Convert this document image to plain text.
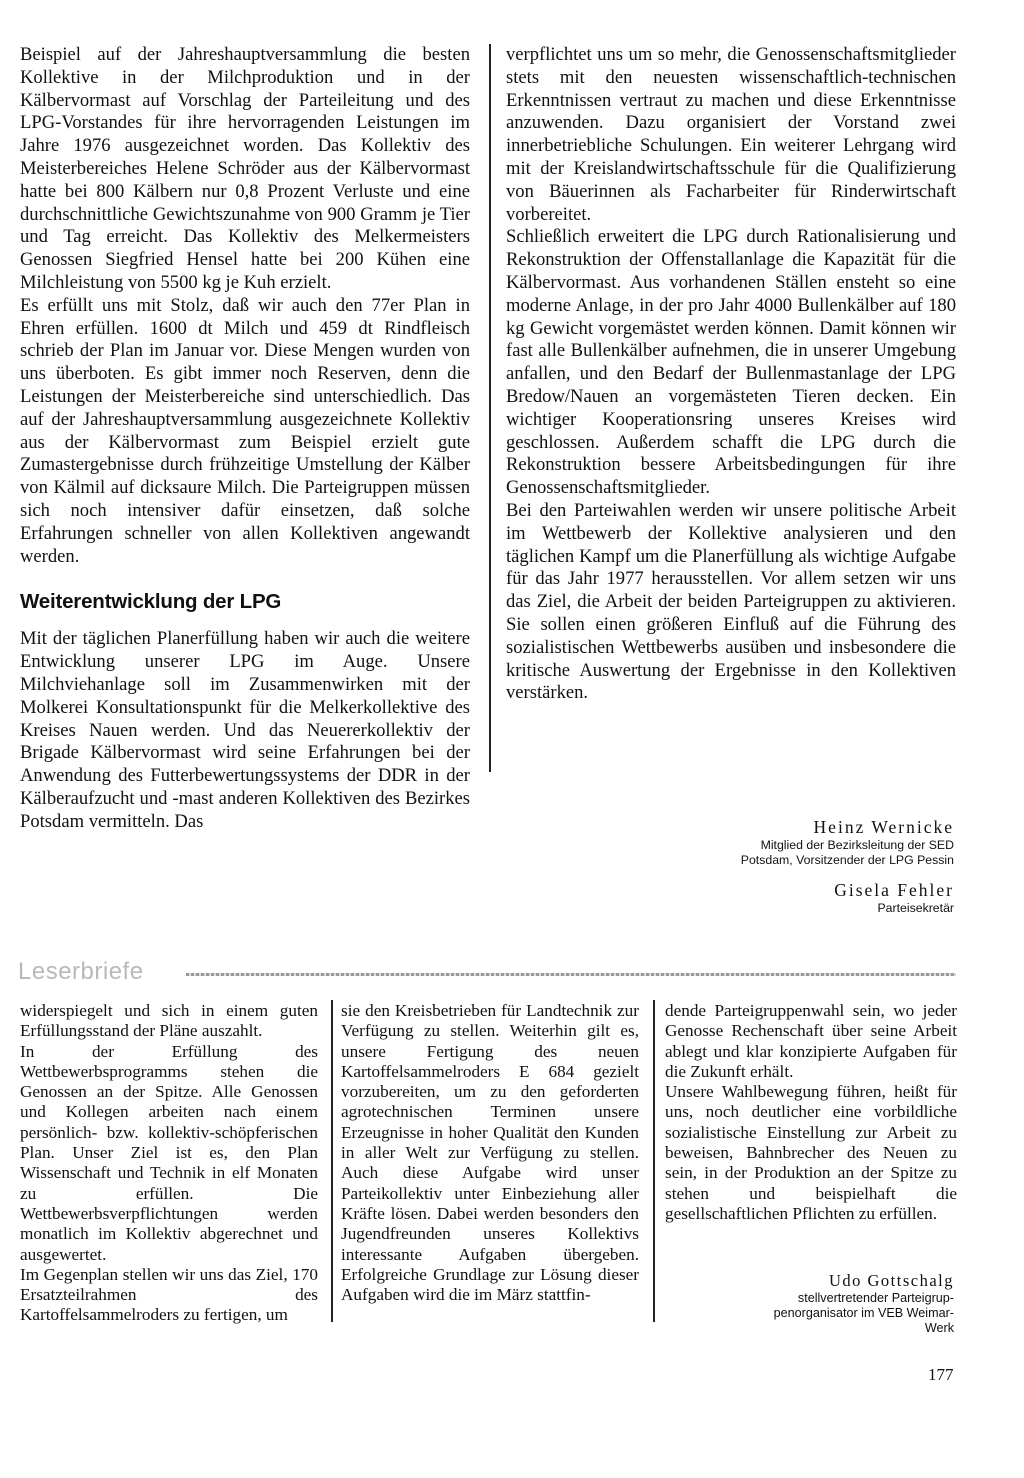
Beispiel auf der Jahreshauptversammlung die besten Kollektive in der Milchproduktion und in der Kälbervormast auf Vorschlag der Parteileitung und des LPG-Vorstandes für ihre hervorragenden Leistungen im Jahre 1976 ausgezeichnet worden. Das Kollektiv des Meisterbereiches Helene Schröder aus der Kälbervormast hatte bei 800 Kälbern nur 0,8 Prozent Verluste und eine durchschnittliche Gewichtszunahme von 900 Gramm je Tier und Tag erreicht. Das Kollektiv des Melkermeisters Genossen Siegfried Hensel hatte bei 200 Kühen eine Milchleistung von 5500 kg je Kuh erzielt.

Es erfüllt uns mit Stolz, daß wir auch den 77er Plan in Ehren erfüllen. 1600 dt Milch und 459 dt Rindfleisch schrieb der Plan im Januar vor. Diese Mengen wurden von uns überboten. Es gibt immer noch Reserven, denn die Leistungen der Meisterbereiche sind unterschiedlich. Das auf der Jahreshauptversammlung ausgezeichnete Kollektiv aus der Kälbervormast zum Beispiel erzielt gute Zumastergebnisse durch frühzeitige Umstellung der Kälber von Kälmil auf dicksaure Milch. Die Parteigruppen müssen sich noch intensiver dafür einsetzen, daß solche Erfahrungen schneller von allen Kollektiven angewandt werden.

Weiterentwicklung der LPG

Mit der täglichen Planerfüllung haben wir auch die weitere Entwicklung unserer LPG im Auge. Unsere Milchviehanlage soll im Zusammenwirken mit der Molkerei Konsultationspunkt für die Melkerkollektive des Kreises Nauen werden. Und das Neuererkollektiv der Brigade Kälbervormast wird seine Erfahrungen bei der Anwendung des Futterbewertungssystems der DDR in der Kälberaufzucht und -mast anderen Kollektiven des Bezirkes Potsdam vermitteln. Das

verpflichtet uns um so mehr, die Genossenschaftsmitglieder stets mit den neuesten wissenschaftlich-technischen Erkenntnissen vertraut zu machen und diese Erkenntnisse anzuwenden. Dazu organisiert der Vorstand zwei innerbetriebliche Schulungen. Ein weiterer Lehrgang wird mit der Kreislandwirtschaftsschule für die Qualifizierung von Bäuerinnen als Facharbeiter für Rinderwirtschaft vorbereitet.

Schließlich erweitert die LPG durch Rationalisierung und Rekonstruktion der Offenstallanlage die Kapazität für die Kälbervormast. Aus vorhandenen Ställen ensteht so eine moderne Anlage, in der pro Jahr 4000 Bullenkälber auf 180 kg Gewicht vorgemästet werden können. Damit können wir fast alle Bullenkälber aufnehmen, die in unserer Umgebung anfallen, und den Bedarf der Bullenmastanlage der LPG Bredow/Nauen an vorgemästeten Tieren decken. Ein wichtiger Kooperationsring unseres Kreises wird geschlossen. Außerdem schafft die LPG durch die Rekonstruktion bessere Arbeitsbedingungen für ihre Genossenschaftsmitglieder.

Bei den Parteiwahlen werden wir unsere politische Arbeit im Wettbewerb der Kollektive analysieren und den täglichen Kampf um die Planerfüllung als wichtige Aufgabe für das Jahr 1977 herausstellen. Vor allem setzen wir uns das Ziel, die Arbeit der beiden Parteigruppen zu aktivieren. Sie sollen einen größeren Einfluß auf die Führung des sozialistischen Wettbewerbs ausüben und insbesondere die kritische Auswertung der Ergebnisse in den Kollektiven verstärken.

Heinz Wernicke
Mitglied der Bezirksleitung der SED
Potsdam, Vorsitzender der LPG Pessin
Gisela Fehler
Parteisekretär
Leserbriefe

widerspiegelt und sich in einem guten Erfüllungsstand der Pläne auszahlt.

In der Erfüllung des Wettbewerbsprogramms stehen die Genossen an der Spitze. Alle Genossen und Kollegen arbeiten nach einem persönlich- bzw. kollektiv-schöpferischen Plan. Unser Ziel ist es, den Plan Wissenschaft und Technik in elf Monaten zu erfüllen. Die Wettbewerbsverpflichtungen werden monatlich im Kollektiv abgerechnet und ausgewertet.

Im Gegenplan stellen wir uns das Ziel, 170 Ersatzteilrahmen des Kartoffelsammelroders zu fertigen, um

sie den Kreisbetrieben für Landtechnik zur Verfügung zu stellen. Weiterhin gilt es, unsere Fertigung des neuen Kartoffelsammelroders E 684 gezielt vorzubereiten, um zu den geforderten agrotechnischen Terminen unsere Erzeugnisse in hoher Qualität den Kunden in aller Welt zur Verfügung zu stellen. Auch diese Aufgabe wird unser Parteikollektiv unter Einbeziehung aller Kräfte lösen. Dabei werden besonders den Jugendfreunden unseres Kollektivs interessante Aufgaben übergeben. Erfolgreiche Grundlage zur Lösung dieser Aufgaben wird die im März stattfin-

dende Parteigruppenwahl sein, wo jeder Genosse Rechenschaft über seine Arbeit ablegt und klar konzipierte Aufgaben für die Zukunft erhält.

Unsere Wahlbewegung führen, heißt für uns, noch deutlicher eine vorbildliche sozialistische Einstellung zur Arbeit zu beweisen, Bahnbrecher des Neuen zu sein, in der Produktion an der Spitze zu stehen und beispielhaft die gesellschaftlichen Pflichten zu erfüllen.

Udo Gottschalg
stellvertretender Parteigrup-
penorganisator im VEB Weimar-
Werk
177
